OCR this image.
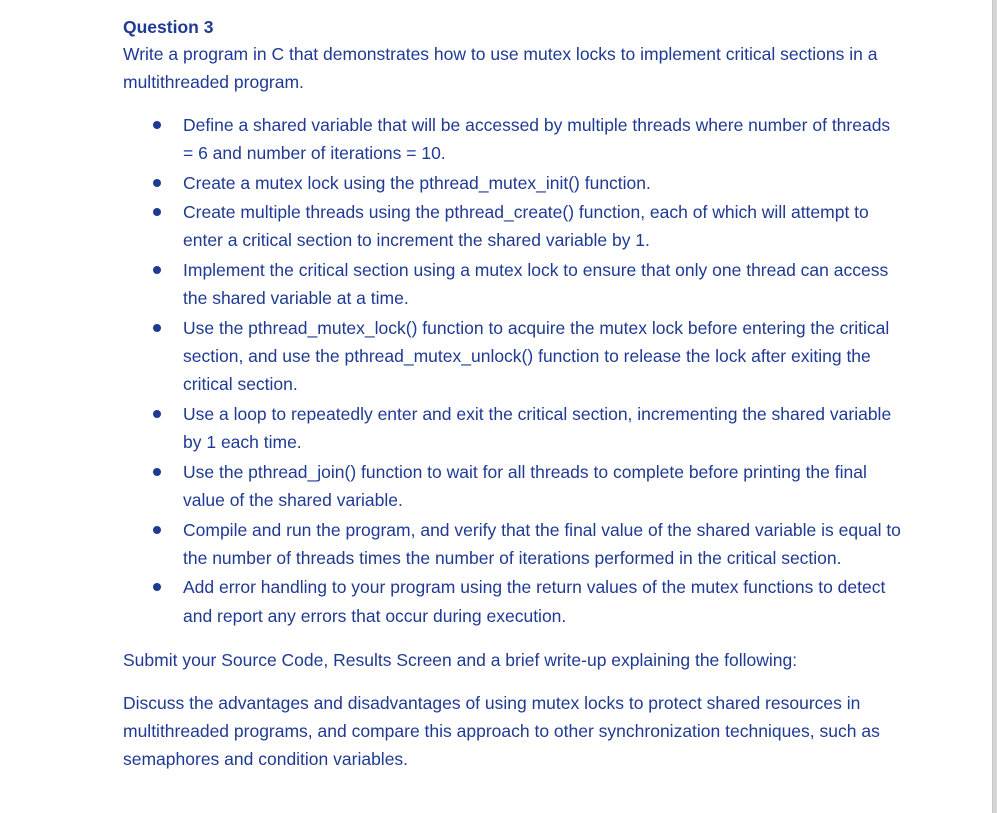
Question 3

Write a program in C that demonstrates how to use mutex locks to implement critical sections in a multithreaded program.

Define a shared variable that will be accessed by multiple threads where number of threads = 6 and number of iterations = 10.
Create a mutex lock using the pthread_mutex_init() function.
Create multiple threads using the pthread_create() function, each of which will attempt to enter a critical section to increment the shared variable by 1.
Implement the critical section using a mutex lock to ensure that only one thread can access the shared variable at a time.
Use the pthread_mutex_lock() function to acquire the mutex lock before entering the critical section, and use the pthread_mutex_unlock() function to release the lock after exiting the critical section.
Use a loop to repeatedly enter and exit the critical section, incrementing the shared variable by 1 each time.
Use the pthread_join() function to wait for all threads to complete before printing the final value of the shared variable.
Compile and run the program, and verify that the final value of the shared variable is equal to the number of threads times the number of iterations performed in the critical section.
Add error handling to your program using the return values of the mutex functions to detect and report any errors that occur during execution.

Submit your Source Code, Results Screen and a brief write-up explaining the following:

Discuss the advantages and disadvantages of using mutex locks to protect shared resources in multithreaded programs, and compare this approach to other synchronization techniques, such as semaphores and condition variables.
